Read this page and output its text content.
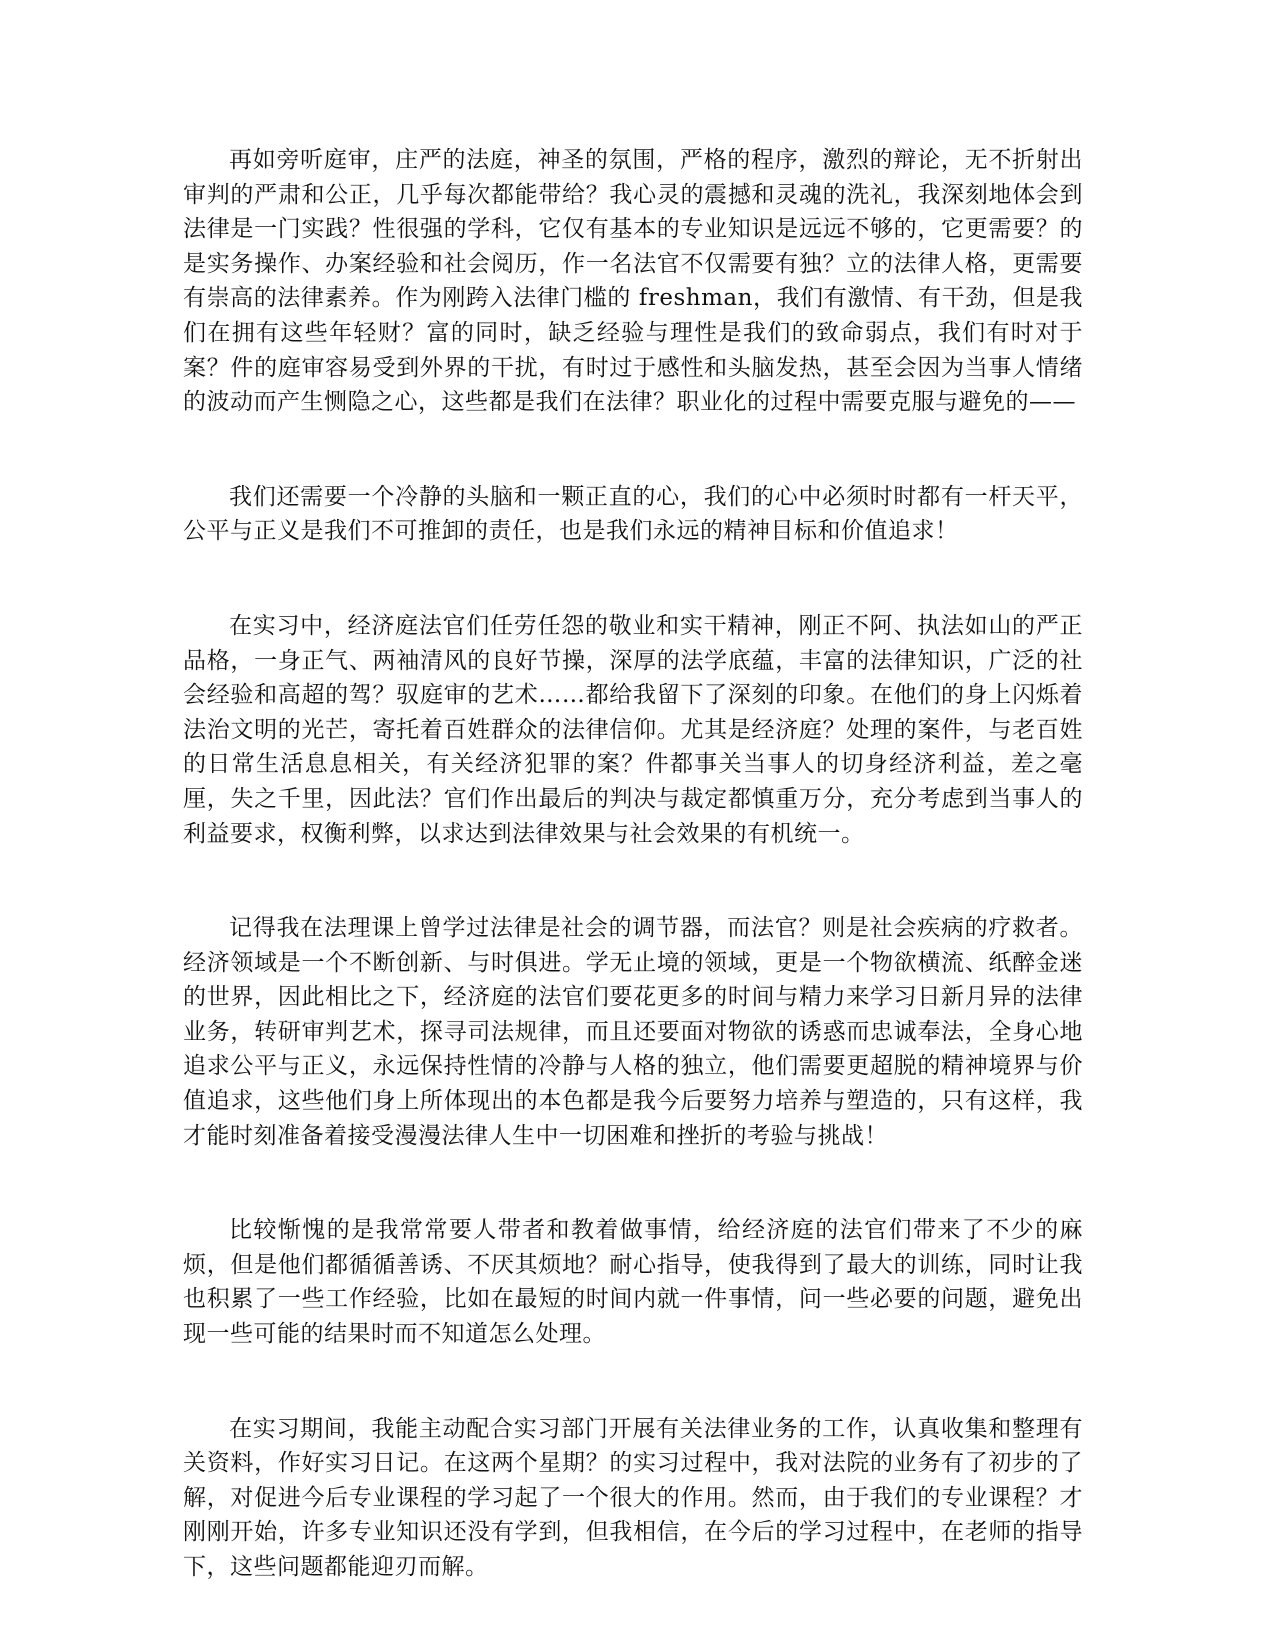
再如旁听庭审，庄严的法庭，神圣的氛围，严格的程序，激烈的辩论，无不折射出审判的严肃和公正，几乎每次都能带给？我心灵的震撼和灵魂的洗礼，我深刻地体会到法律是一门实践？性很强的学科，它仅有基本的专业知识是远远不够的，它更需要？的是实务操作、办案经验和社会阅历，作一名法官不仅需要有独？立的法律人格，更需要有崇高的法律素养。作为刚跨入法律门槛的 freshman，我们有激情、有干劲，但是我们在拥有这些年轻财？富的同时，缺乏经验与理性是我们的致命弱点，我们有时对于案？件的庭审容易受到外界的干扰，有时过于感性和头脑发热，甚至会因为当事人情绪的波动而产生恻隐之心，这些都是我们在法律？职业化的过程中需要克服与避免的——

我们还需要一个冷静的头脑和一颗正直的心，我们的心中必须时时都有一杆天平，公平与正义是我们不可推卸的责任，也是我们永远的精神目标和价值追求！

在实习中，经济庭法官们任劳任怨的敬业和实干精神，刚正不阿、执法如山的严正品格，一身正气、两袖清风的良好节操，深厚的法学底蕴，丰富的法律知识，广泛的社会经验和高超的驾？驭庭审的艺术……都给我留下了深刻的印象。在他们的身上闪烁着法治文明的光芒，寄托着百姓群众的法律信仰。尤其是经济庭？处理的案件，与老百姓的日常生活息息相关，有关经济犯罪的案？件都事关当事人的切身经济利益，差之毫厘，失之千里，因此法？官们作出最后的判决与裁定都慎重万分，充分考虑到当事人的利益要求，权衡利弊，以求达到法律效果与社会效果的有机统一。

记得我在法理课上曾学过法律是社会的调节器，而法官？则是社会疾病的疗救者。经济领域是一个不断创新、与时俱进。学无止境的领域，更是一个物欲横流、纸醉金迷的世界，因此相比之下，经济庭的法官们要花更多的时间与精力来学习日新月异的法律业务，转研审判艺术，探寻司法规律，而且还要面对物欲的诱惑而忠诚奉法，全身心地追求公平与正义，永远保持性情的冷静与人格的独立，他们需要更超脱的精神境界与价值追求，这些他们身上所体现出的本色都是我今后要努力培养与塑造的，只有这样，我才能时刻准备着接受漫漫法律人生中一切困难和挫折的考验与挑战！

比较惭愧的是我常常要人带者和教着做事情，给经济庭的法官们带来了不少的麻烦，但是他们都循循善诱、不厌其烦地？耐心指导，使我得到了最大的训练，同时让我也积累了一些工作经验，比如在最短的时间内就一件事情，问一些必要的问题，避免出现一些可能的结果时而不知道怎么处理。

在实习期间，我能主动配合实习部门开展有关法律业务的工作，认真收集和整理有关资料，作好实习日记。在这两个星期？的实习过程中，我对法院的业务有了初步的了解，对促进今后专业课程的学习起了一个很大的作用。然而，由于我们的专业课程？才刚刚开始，许多专业知识还没有学到，但我相信，在今后的学习过程中，在老师的指导下，这些问题都能迎刃而解。
